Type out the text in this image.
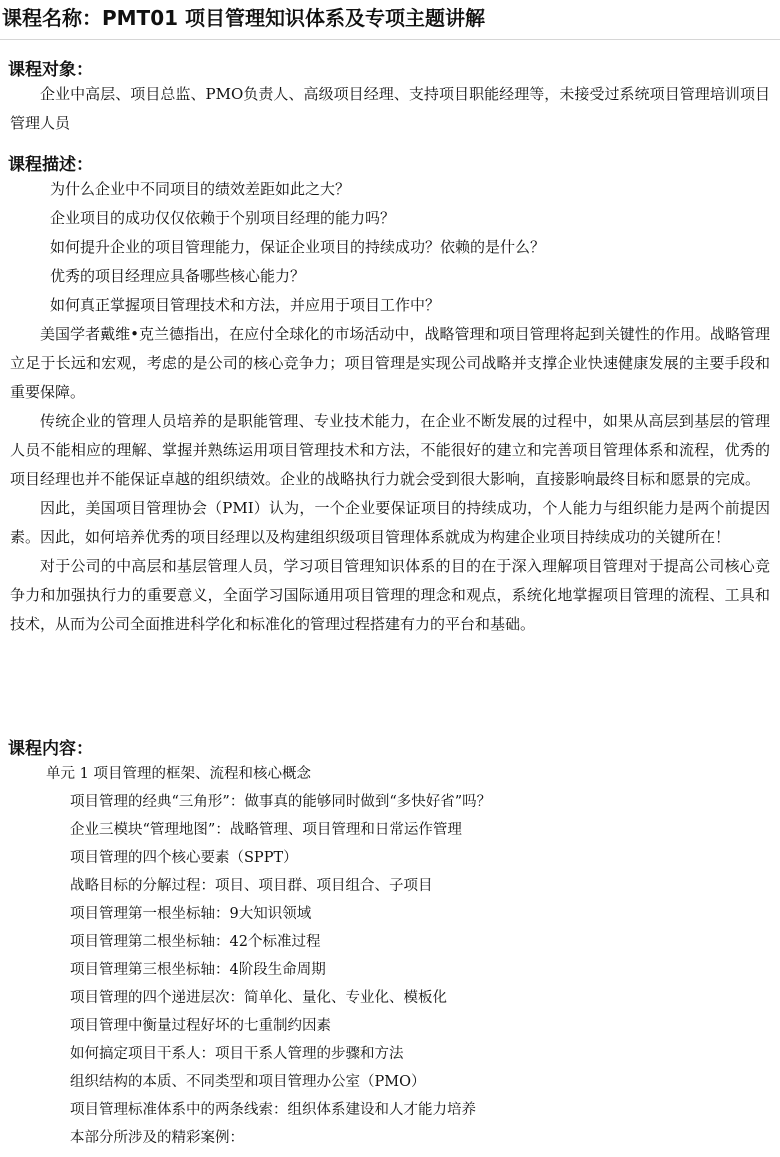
课程名称：PMT01 项目管理知识体系及专项主题讲解
课程对象：

企业中高层、项目总监、PMO负责人、高级项目经理、支持项目职能经理等，未接受过系统项目管理培训项目管理人员

课程描述：

为什么企业中不同项目的绩效差距如此之大？

企业项目的成功仅仅依赖于个别项目经理的能力吗？

如何提升企业的项目管理能力，保证企业项目的持续成功？依赖的是什么？

优秀的项目经理应具备哪些核心能力？

如何真正掌握项目管理技术和方法，并应用于项目工作中？

美国学者戴维•克兰德指出，在应付全球化的市场活动中，战略管理和项目管理将起到关键性的作用。战略管理立足于长远和宏观，考虑的是公司的核心竞争力；项目管理是实现公司战略并支撑企业快速健康发展的主要手段和重要保障。

传统企业的管理人员培养的是职能管理、专业技术能力，在企业不断发展的过程中，如果从高层到基层的管理人员不能相应的理解、掌握并熟练运用项目管理技术和方法，不能很好的建立和完善项目管理体系和流程，优秀的项目经理也并不能保证卓越的组织绩效。企业的战略执行力就会受到很大影响，直接影响最终目标和愿景的完成。

因此，美国项目管理协会（PMI）认为，一个企业要保证项目的持续成功，个人能力与组织能力是两个前提因素。因此，如何培养优秀的项目经理以及构建组织级项目管理体系就成为构建企业项目持续成功的关键所在！

对于公司的中高层和基层管理人员，学习项目管理知识体系的目的在于深入理解项目管理对于提高公司核心竞争力和加强执行力的重要意义，全面学习国际通用项目管理的理念和观点，系统化地掌握项目管理的流程、工具和技术，从而为公司全面推进科学化和标准化的管理过程搭建有力的平台和基础。

课程内容：

单元 1 项目管理的框架、流程和核心概念

项目管理的经典“三角形”：做事真的能够同时做到“多快好省”吗？

企业三模块“管理地图”：战略管理、项目管理和日常运作管理

项目管理的四个核心要素（SPPT）

战略目标的分解过程：项目、项目群、项目组合、子项目

项目管理第一根坐标轴：9大知识领域

项目管理第二根坐标轴：42个标准过程

项目管理第三根坐标轴：4阶段生命周期

项目管理的四个递进层次：简单化、量化、专业化、模板化

项目管理中衡量过程好坏的七重制约因素

如何搞定项目干系人：项目干系人管理的步骤和方法

组织结构的本质、不同类型和项目管理办公室（PMO）

项目管理标准体系中的两条线索：组织体系建设和人才能力培养

本部分所涉及的精彩案例：
